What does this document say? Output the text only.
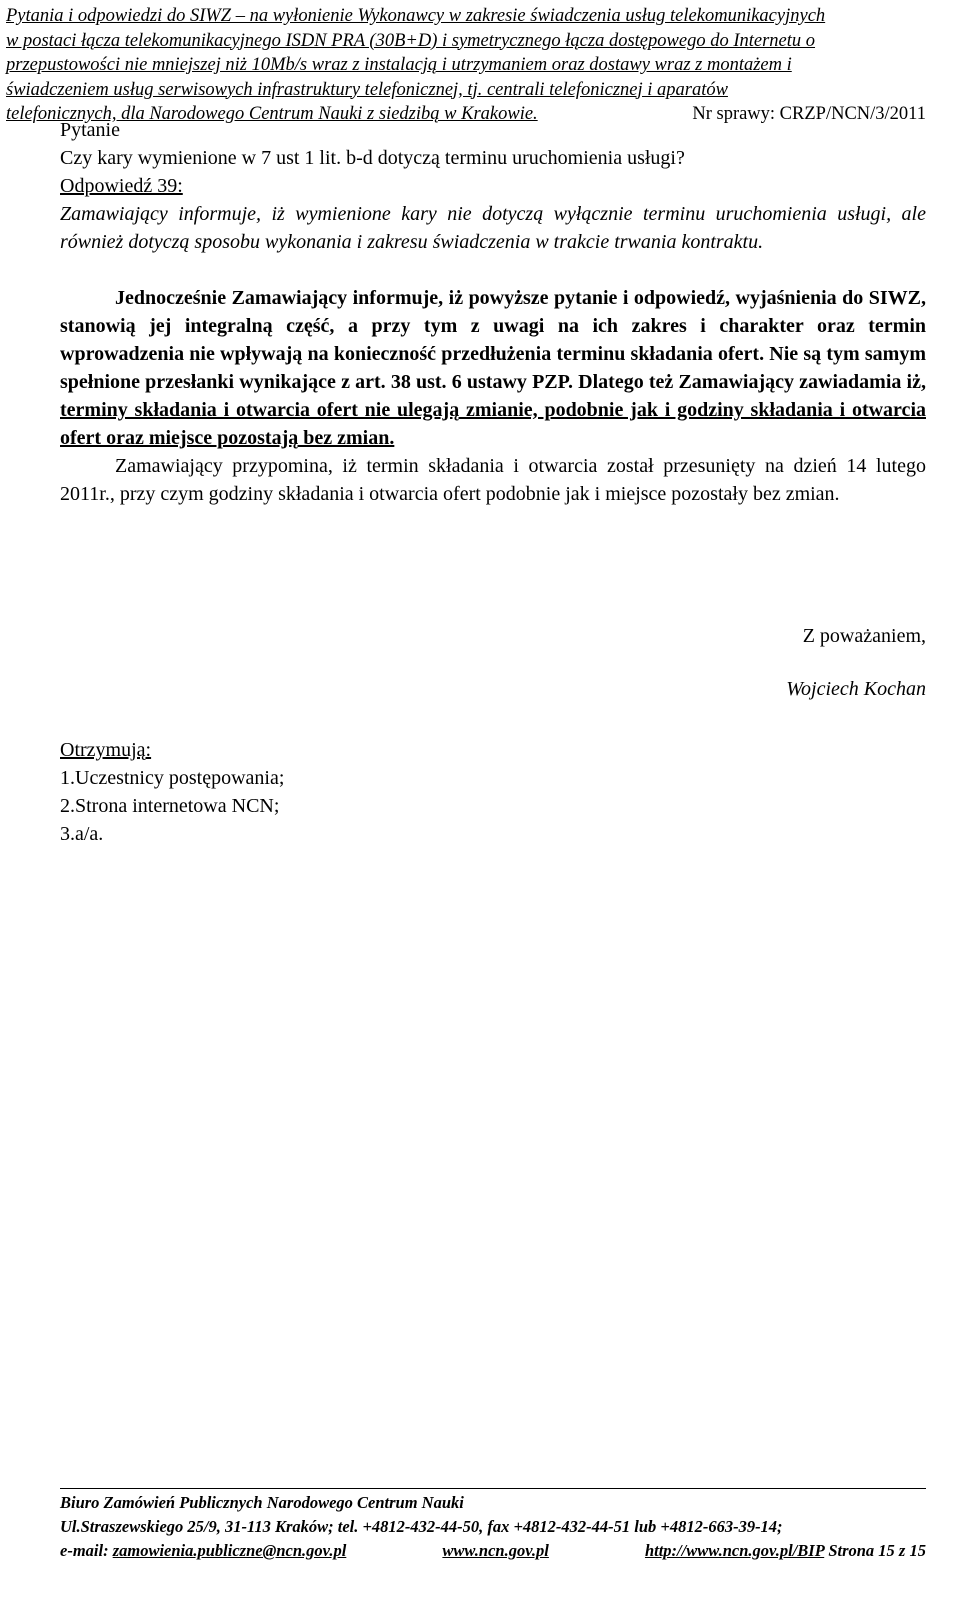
Pytania i odpowiedzi do SIWZ – na wyłonienie Wykonawcy w zakresie świadczenia usług telekomunikacyjnych
w postaci łącza telekomunikacyjnego ISDN PRA (30B+D) i symetrycznego łącza dostępowego do Internetu o
przepustowości nie mniejszej niż 10Mb/s wraz z instalacją i utrzymaniem oraz dostawy wraz z montażem i
świadczeniem usług serwisowych infrastruktury telefonicznej, tj. centrali telefonicznej i aparatów
telefonicznych, dla Narodowego Centrum Nauki z siedzibą w Krakowie.	Nr sprawy: CRZP/NCN/3/2011

Pytanie

Czy kary wymienione w 7 ust 1 lit. b-d dotyczą terminu uruchomienia usługi?

Odpowiedź 39:

Zamawiający informuje, iż wymienione kary nie dotyczą wyłącznie terminu uruchomienia usługi, ale również dotyczą sposobu wykonania i zakresu świadczenia w trakcie trwania kontraktu.

Jednocześnie Zamawiający informuje, iż powyższe pytanie i odpowiedź, wyjaśnienia do SIWZ, stanowią jej integralną część, a przy tym z uwagi na ich zakres i charakter oraz termin wprowadzenia nie wpływają na konieczność przedłużenia terminu składania ofert. Nie są tym samym spełnione przesłanki wynikające z art. 38 ust. 6 ustawy PZP. Dlatego też Zamawiający zawiadamia iż, terminy składania i otwarcia ofert nie ulegają zmianie, podobnie jak i godziny składania i otwarcia ofert oraz miejsce pozostają bez zmian.

Zamawiający przypomina, iż termin składania i otwarcia został przesunięty na dzień 14 lutego 2011r., przy czym godziny składania i otwarcia ofert podobnie jak i miejsce pozostały bez zmian.

Z poważaniem,
Wojciech Kochan
Otrzymują:
1.Uczestnicy postępowania;
2.Strona internetowa NCN;
3.a/a.
Biuro Zamówień Publicznych Narodowego Centrum Nauki
Ul.Straszewskiego 25/9, 31-113 Kraków; tel. +4812-432-44-50, fax +4812-432-44-51 lub +4812-663-39-14;
e-mail: zamowienia.publiczne@ncn.gov.pl	www.ncn.gov.pl	http://www.ncn.gov.pl/BIP Strona 15 z 15
